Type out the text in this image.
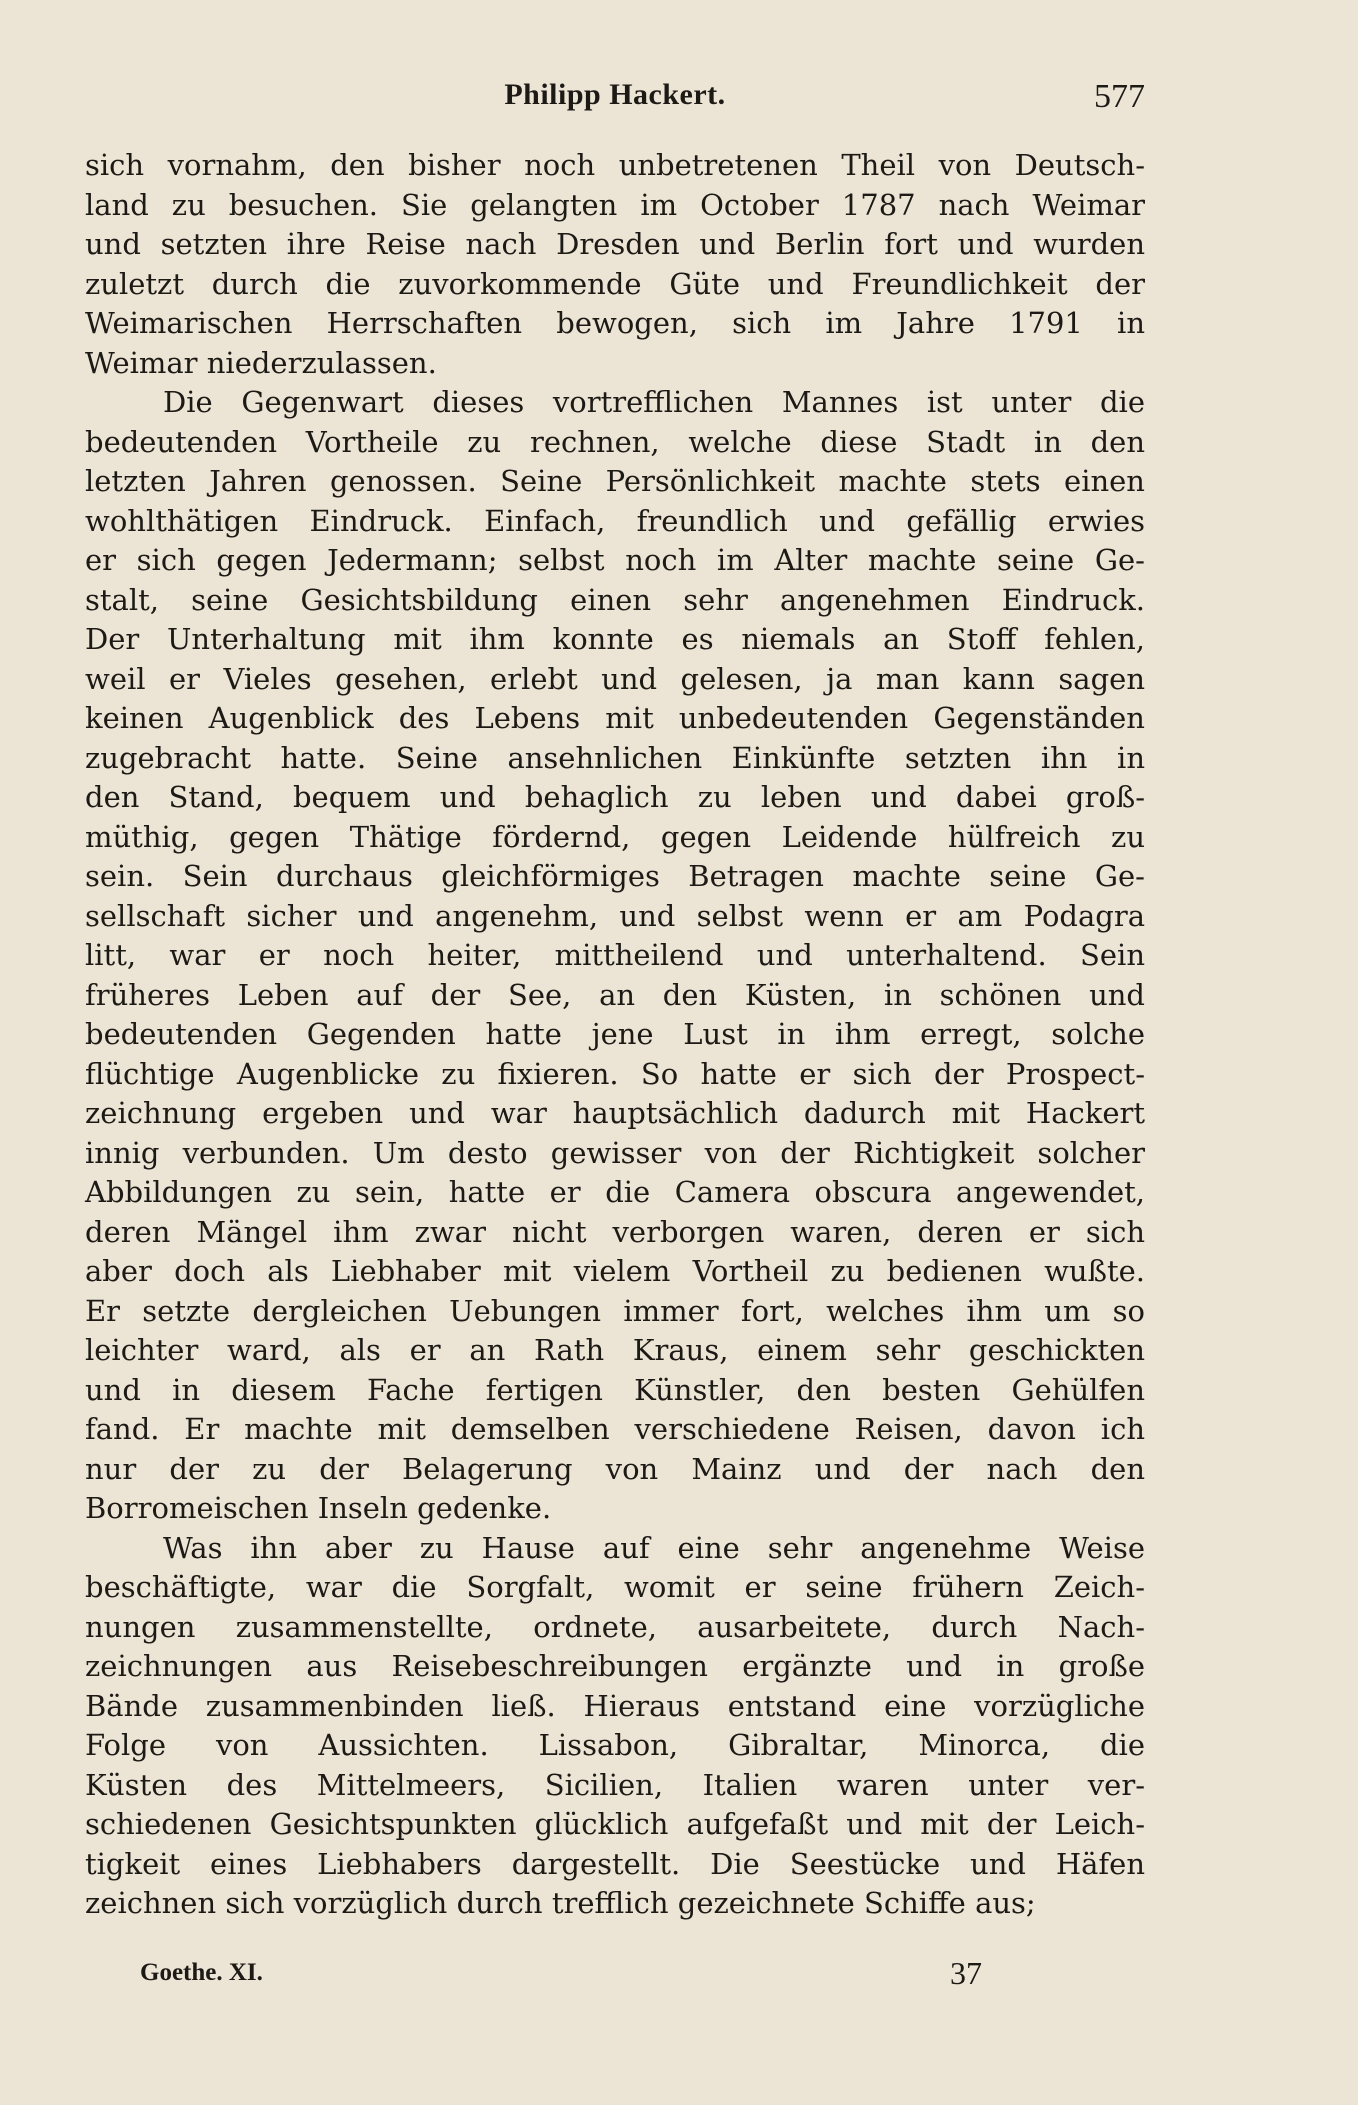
Philipp Hackert.	577
sich vornahm, den bisher noch unbetretenen Theil von Deutsch-
land zu besuchen. Sie gelangten im October 1787 nach Weimar
und setzten ihre Reise nach Dresden und Berlin fort und wurden
zuletzt durch die zuvorkommende Güte und Freundlichkeit der
Weimarischen Herrschaften bewogen, sich im Jahre 1791 in
Weimar niederzulassen.
Die Gegenwart dieses vortrefflichen Mannes ist unter die
bedeutenden Vortheile zu rechnen, welche diese Stadt in den
letzten Jahren genossen. Seine Persönlichkeit machte stets einen
wohlthätigen Eindruck. Einfach, freundlich und gefällig erwies
er sich gegen Jedermann; selbst noch im Alter machte seine Ge-
stalt, seine Gesichtsbildung einen sehr angenehmen Eindruck.
Der Unterhaltung mit ihm konnte es niemals an Stoff fehlen,
weil er Vieles gesehen, erlebt und gelesen, ja man kann sagen
keinen Augenblick des Lebens mit unbedeutenden Gegenständen
zugebracht hatte. Seine ansehnlichen Einkünfte setzten ihn in
den Stand, bequem und behaglich zu leben und dabei groß-
müthig, gegen Thätige fördernd, gegen Leidende hülfreich zu
sein. Sein durchaus gleichförmiges Betragen machte seine Ge-
sellschaft sicher und angenehm, und selbst wenn er am Podagra
litt, war er noch heiter, mittheilend und unterhaltend. Sein
früheres Leben auf der See, an den Küsten, in schönen und
bedeutenden Gegenden hatte jene Lust in ihm erregt, solche
flüchtige Augenblicke zu fixieren. So hatte er sich der Prospect-
zeichnung ergeben und war hauptsächlich dadurch mit Hackert
innig verbunden. Um desto gewisser von der Richtigkeit solcher
Abbildungen zu sein, hatte er die Camera obscura angewendet,
deren Mängel ihm zwar nicht verborgen waren, deren er sich
aber doch als Liebhaber mit vielem Vortheil zu bedienen wußte.
Er setzte dergleichen Uebungen immer fort, welches ihm um so
leichter ward, als er an Rath Kraus, einem sehr geschickten
und in diesem Fache fertigen Künstler, den besten Gehülfen
fand. Er machte mit demselben verschiedene Reisen, davon ich
nur der zu der Belagerung von Mainz und der nach den
Borromeischen Inseln gedenke.
Was ihn aber zu Hause auf eine sehr angenehme Weise
beschäftigte, war die Sorgfalt, womit er seine frühern Zeich-
nungen zusammenstellte, ordnete, ausarbeitete, durch Nach-
zeichnungen aus Reisebeschreibungen ergänzte und in große
Bände zusammenbinden ließ. Hieraus entstand eine vorzügliche
Folge von Aussichten. Lissabon, Gibraltar, Minorca, die
Küsten des Mittelmeers, Sicilien, Italien waren unter ver-
schiedenen Gesichtspunkten glücklich aufgefaßt und mit der Leich-
tigkeit eines Liebhabers dargestellt. Die Seestücke und Häfen
zeichnen sich vorzüglich durch trefflich gezeichnete Schiffe aus;
Goethe. XI.	37
